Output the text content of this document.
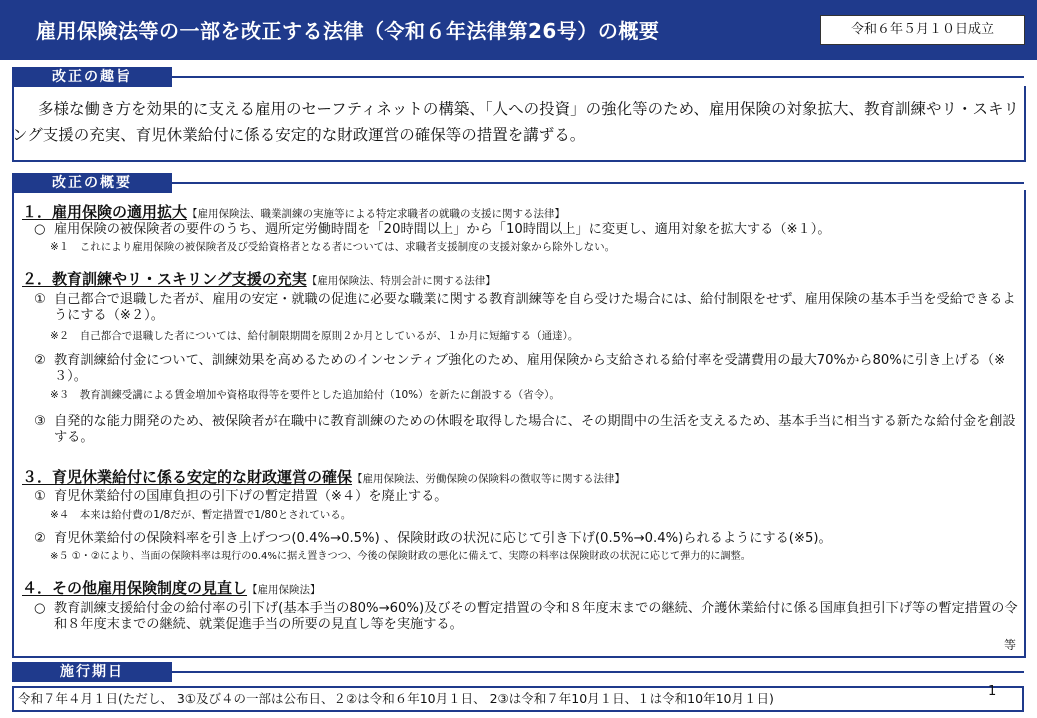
雇用保険法等の一部を改正する法律（令和６年法律第26号）の概要	令和６年５月１０日成立
改正の趣旨
多様な働き方を効果的に支える雇用のセーフティネットの構築、「人への投資」の強化等のため、雇用保険の対象拡大、教育訓練やリ・スキリング支援の充実、育児休業給付に係る安定的な財政運営の確保等の措置を講ずる。
改正の概要
１．雇用保険の適用拡大【雇用保険法、職業訓練の実施等による特定求職者の就職の支援に関する法律】
○ 雇用保険の被保険者の要件のうち、週所定労働時間を「20時間以上」から「10時間以上」に変更し、適用対象を拡大する（※１）。
※１　これにより雇用保険の被保険者及び受給資格者となる者については、求職者支援制度の支援対象から除外しない。
２．教育訓練やリ・スキリング支援の充実【雇用保険法、特別会計に関する法律】
① 自己都合で退職した者が、雇用の安定・就職の促進に必要な職業に関する教育訓練等を自ら受けた場合には、給付制限をせず、雇用保険の基本手当を受給できるようにする（※２）。
※２　自己都合で退職した者については、給付制限期間を原則２か月としているが、１か月に短縮する（通達）。
② 教育訓練給付金について、訓練効果を高めるためのインセンティブ強化のため、雇用保険から支給される給付率を受講費用の最大70%から80%に引き上げる（※３）。
※３　教育訓練受講による賃金増加や資格取得等を要件とした追加給付（10%）を新たに創設する（省令）。
③ 自発的な能力開発のため、被保険者が在職中に教育訓練のための休暇を取得した場合に、その期間中の生活を支えるため、基本手当に相当する新たな給付金を創設する。
３．育児休業給付に係る安定的な財政運営の確保【雇用保険法、労働保険の保険料の徴収等に関する法律】
① 育児休業給付の国庫負担の引下げの暫定措置（※４）を廃止する。
※４　本来は給付費の1/8だが、暫定措置で1/80とされている。
② 育児休業給付の保険料率を引き上げつつ(0.4%→0.5%) 、保険財政の状況に応じて引き下げ(0.5%→0.4%)られるようにする(※5)。
※５ ①・②により、当面の保険料率は現行の0.4%に据え置きつつ、今後の保険財政の悪化に備えて、実際の料率は保険財政の状況に応じて弾力的に調整。
４．その他雇用保険制度の見直し【雇用保険法】
○ 教育訓練支援給付金の給付率の引下げ(基本手当の80%→60%)及びその暫定措置の令和８年度末までの継続、介護休業給付に係る国庫負担引下げ等の暫定措置の令和８年度末までの継続、就業促進手当の所要の見直し等を実施する。
等
施行期日
令和７年４月１日(ただし、 3①及び４の一部は公布日、２②は令和６年10月１日、 2③は令和７年10月１日、１は令和10年10月１日)	1
